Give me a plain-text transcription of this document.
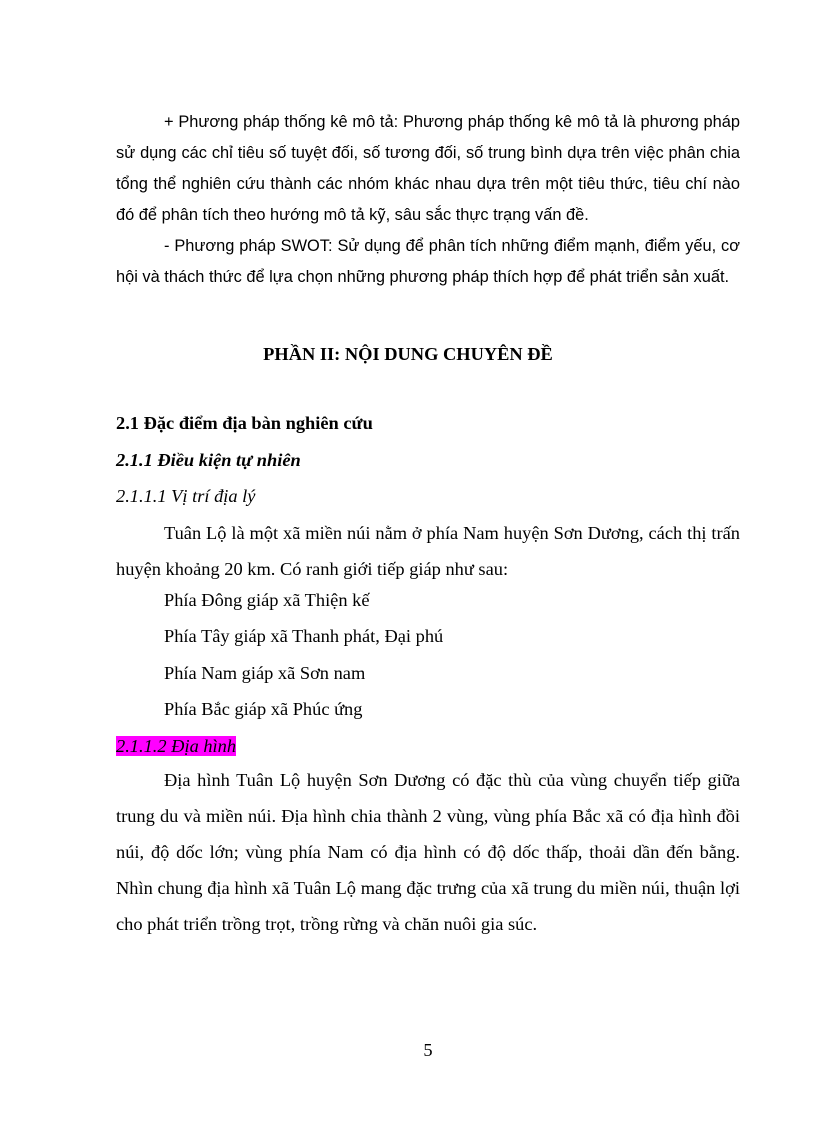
+ Phương pháp thống kê mô tả: Phương pháp thống kê mô tả là phương pháp sử dụng các chỉ tiêu số tuyệt đối, số tương đối, số trung bình dựa trên việc phân chia tổng thể nghiên cứu thành các nhóm khác nhau dựa trên một tiêu thức, tiêu chí nào đó để phân tích theo hướng mô tả kỹ, sâu sắc thực trạng vấn đề.

- Phương pháp SWOT: Sử dụng để phân tích những điểm mạnh, điểm yếu, cơ hội và thách thức để lựa chọn những phương pháp thích hợp để phát triển sản xuất.

PHẦN II: NỘI DUNG CHUYÊN ĐỀ
2.1 Đặc điểm địa bàn nghiên cứu
2.1.1 Điều kiện tự nhiên
2.1.1.1 Vị trí địa lý

Tuân Lộ là một xã miền núi nằm ở phía Nam huyện Sơn Dương, cách thị trấn huyện khoảng 20 km. Có ranh giới tiếp giáp như sau:

Phía Đông giáp xã Thiện kế
Phía Tây giáp xã Thanh phát, Đại phú
Phía Nam giáp xã Sơn nam
Phía Bắc giáp xã Phúc ứng
2.1.1.2 Địa hình

Địa hình Tuân Lộ huyện Sơn Dương có đặc thù của vùng chuyển tiếp giữa trung du và miền núi. Địa hình chia thành 2 vùng, vùng phía Bắc xã có địa hình đồi núi, độ dốc lớn; vùng phía Nam có địa hình có độ dốc thấp, thoải dần đến bằng. Nhìn chung địa hình xã Tuân Lộ mang đặc trưng của xã trung du miền núi, thuận lợi cho phát triển trồng trọt, trồng rừng và chăn nuôi gia súc.

5
